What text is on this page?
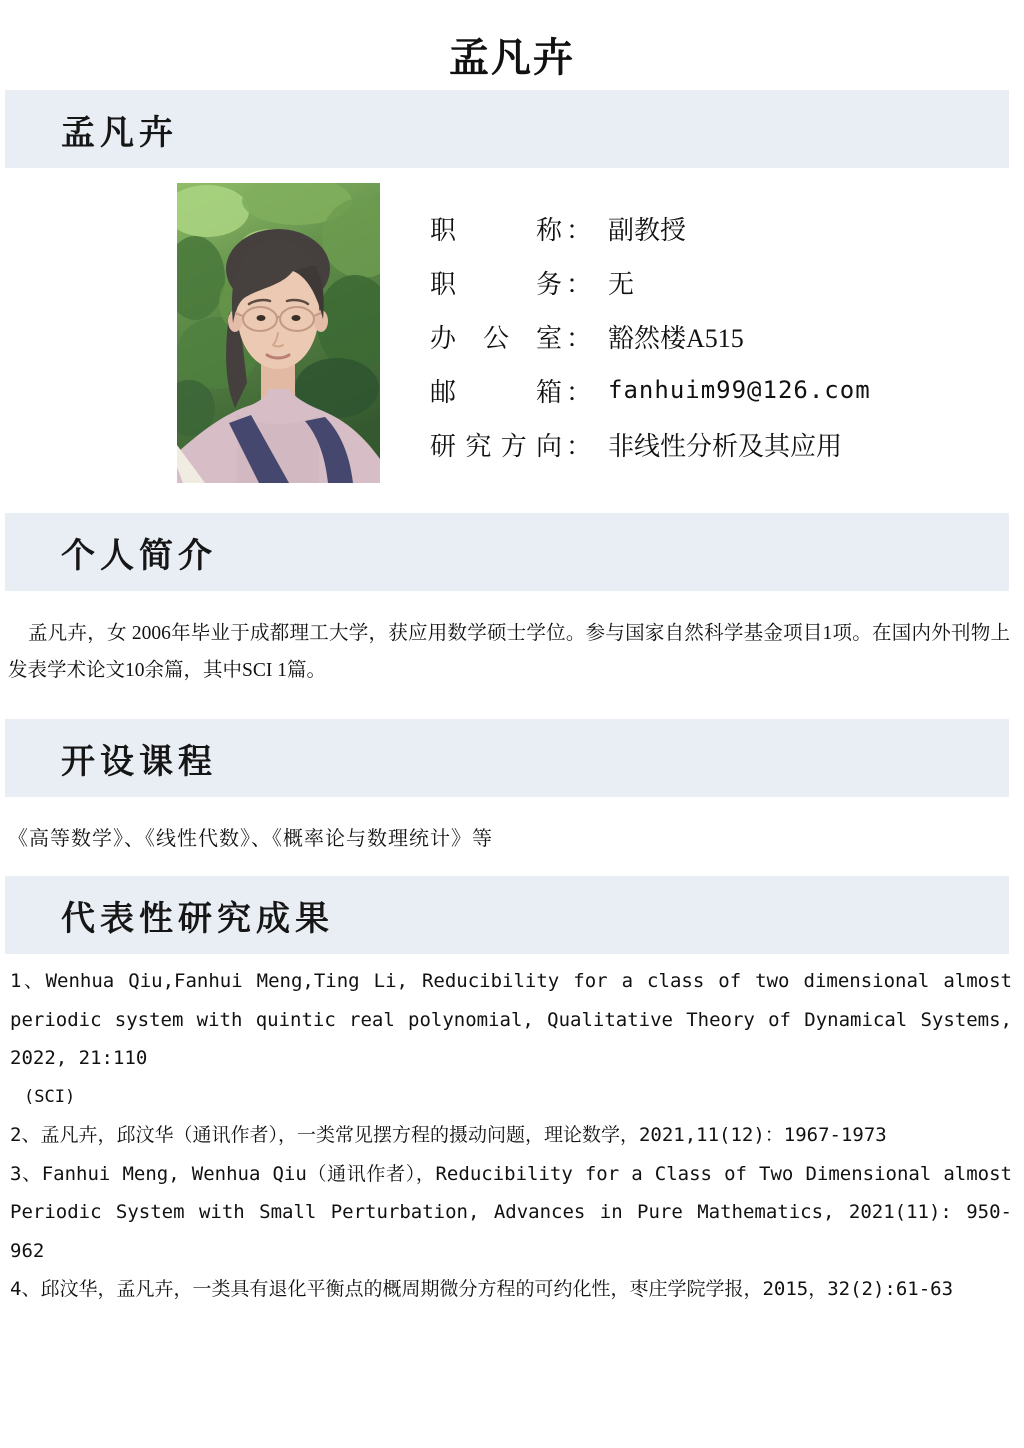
孟凡卉
孟凡卉
职称 ： 副教授
职务 ： 无
办公室 ： 豁然楼A515
邮箱 ： fanhuim99@126.com
研究方向 ： 非线性分析及其应用
个人简介

孟凡卉，女 2006年毕业于成都理工大学，获应用数学硕士学位。参与国家自然科学基金项目1项。在国内外刊物上发表学术论文10余篇，其中SCI 1篇。

开设课程

《高等数学》、《线性代数》、《概率论与数理统计》等

代表性研究成果

1、Wenhua Qiu,Fanhui Meng,Ting Li, Reducibility for a class of two dimensional almost periodic system with quintic real polynomial, Qualitative Theory of Dynamical Systems, 2022, 21:110

(SCI)

2、孟凡卉，邱汶华（通讯作者），一类常见摆方程的摄动问题，理论数学，2021,11(12)：1967-1973

3、Fanhui Meng, Wenhua Qiu（通讯作者），Reducibility for a Class of Two Dimensional almost Periodic System with Small Perturbation, Advances in Pure Mathematics, 2021(11): 950-962

4、邱汶华，孟凡卉，一类具有退化平衡点的概周期微分方程的可约化性，枣庄学院学报，2015，32(2):61-63
